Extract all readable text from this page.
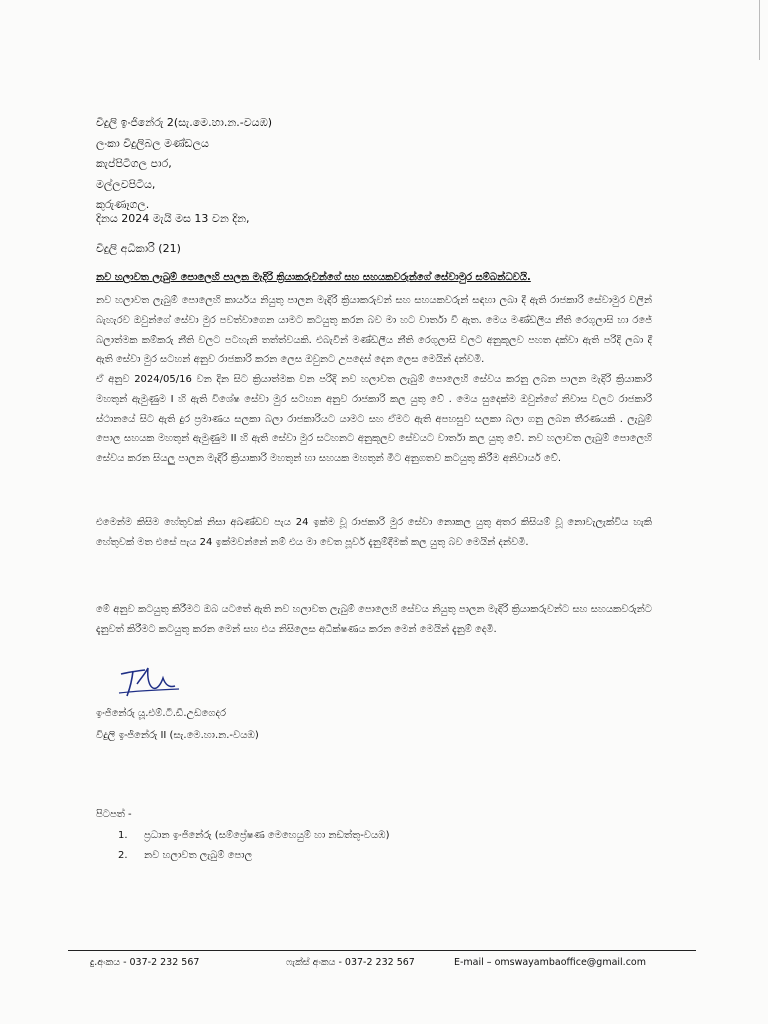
විදුලි ඉංජිනේරු 2(සැ.මෙ.හා.න.-වයඹ)
ලංකා විදුලිබල මණ්ඩලය
කැප්පිටිගල පාර,
මල්ලවපිටිය,
කුරුණෑගල.
දිනය 2024 මැයි මස 13 වන දින,
විදුලි අධිකාරි (21)
නව හලාවත ලැබුම් පොලෙහි පාලන මැදිරි ක්‍රියාකරුවන්ගේ සහ සහයකවරුන්ගේ සේවාමුර සම්බන්ධවයි.

නව හලාවත ලැබුම් පොලෙහි කාර්යය නියුතු පාලන මැදිරි ක්‍රියාකරුවන් සහ සහයකවරුන් සඳහා ලබා දී ඇති රාජකාරි සේවාමුර වලින් බැහැරව ඔවුන්ගේ සේවා මුර පවත්වාගෙන යාමට කටයුතු කරන බව මා හට වාර්තා වී ඇත. මෙය මණ්ඩලීය නීති රෙගුලාසි හා රජේ බලාත්මක කම්කරු නීති වලට පටහැනි තත්ත්වයකි. එබැවින් මණ්ඩලීය නීති රෙගුලාසි වලට අනුකූලව පහත දක්වා ඇති පරිදි ලබා දී ඇති සේවා මුර සටහන් අනුව රාජකාරි කරන ලෙස ඔවුනට උපදෙස් දෙන ලෙස මෙයින් දන්වමි.

ඒ අනුව 2024/05/16 වන දින සිට ක්‍රියාත්මක වන පරිදි නව හලාවත ලැබුම් පොලෙහි සේවය කරනු ලබන පාලන මැදිරි ක්‍රියාකාරි මහතුන් ඇමුණුම I හි ඇති විශේෂ සේවා මුර සටහන අනුව රාජකාරි කල යුතු වේ . මෙය සුදෙක්ම ඔවුන්ගේ නිවාස වලට රාජකාරි ස්ථානයේ සිට ඇති දුර ප්‍රමාණය සලකා බලා රාජකාරියට යාමට සහ ඒමට ඇති අපහසුව සලකා බලා ගනු ලබන තීරණයකි . ලැබුම් පොල සහයක මහතුන් ඇමුණුම II හි ඇති සේවා මුර සටහනට අනුකූලව සේවයට වාර්තා කල යුතු වේ. නව හලාවත ලැබුම් පොලෙහි සේවය කරන සියලු පාලන මැදිරි ක්‍රියාකාරි මහතුන් හා සහයක මහතුන් මීට අනුගතව කටයුතු කිරීම අනිවාර්ය වේ.

එමෙන්ම කිසිම හේතුවක් නිසා අඛණ්ඩව පැය 24 ඉක්ම වූ රාජකාරි මුර සේවා නොකල යුතු අතර කිසියම් වූ නොවැලැක්විය හැකි හේතුවක් මත එසේ පැය 24 ඉක්මවන්නේ නම් එය මා වෙත පූර්ව දැනුම්දීමක් කල යුතු බව මෙයින් දන්වමි.

මේ අනුව කටයුතු කිරීමට ඔබ යටතේ ඇති නව හලාවත ලැබුම් පොලෙහි සේවය නියුතු පාලන මැදිරි ක්‍රියාකරුවන්ට සහ සහයකවරුන්ට දැනුවත් කිරීමට කටයුතු කරන මෙන් සහ එය නිසිලෙස අධීක්ෂණය කරන මෙන් මෙයින් දැනුම් දෙමි.

ඉංජිනේරු යූ.එම්.ටී.ඩී.උඩගෙදර
විදුලි ඉංජිනේරු II (සැ.මෙ.හා.න.-වයඹ)
පිටපත් -
1. ප්‍රධාන ඉංජිනේරු (සම්ප්‍රේෂණ මෙහෙයුම් හා නඩත්තු-වයඹ)
2. නව හලාවත ලැබුම් පොල
දු.අංකය - 037-2 232 567	ෆැක්ස් අංකය - 037-2 232 567	E-mail – omswayambaoffice@gmail.com
